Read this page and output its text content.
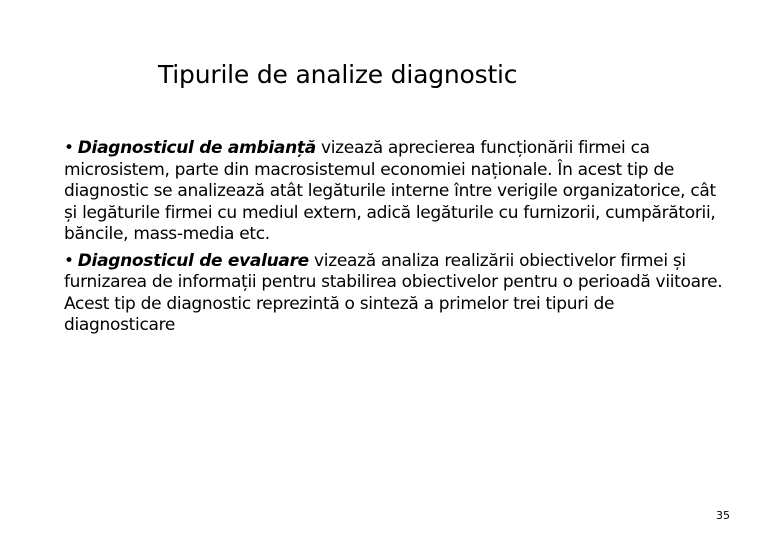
Tipurile de analize diagnostic

• Diagnosticul de ambianță vizează aprecierea funcționării firmei ca microsistem, parte din macrosistemul economiei naționale. În acest tip de diagnostic se analizează atât legăturile interne între verigile organizatorice, cât și legăturile firmei cu mediul extern, adică legăturile cu furnizorii, cumpărătorii, băncile, mass-media etc.

• Diagnosticul de evaluare vizează analiza realizării obiectivelor firmei și furnizarea de informații pentru stabilirea obiectivelor pentru o perioadă viitoare. Acest tip de diagnostic reprezintă o sinteză a primelor trei tipuri de diagnosticare

35
